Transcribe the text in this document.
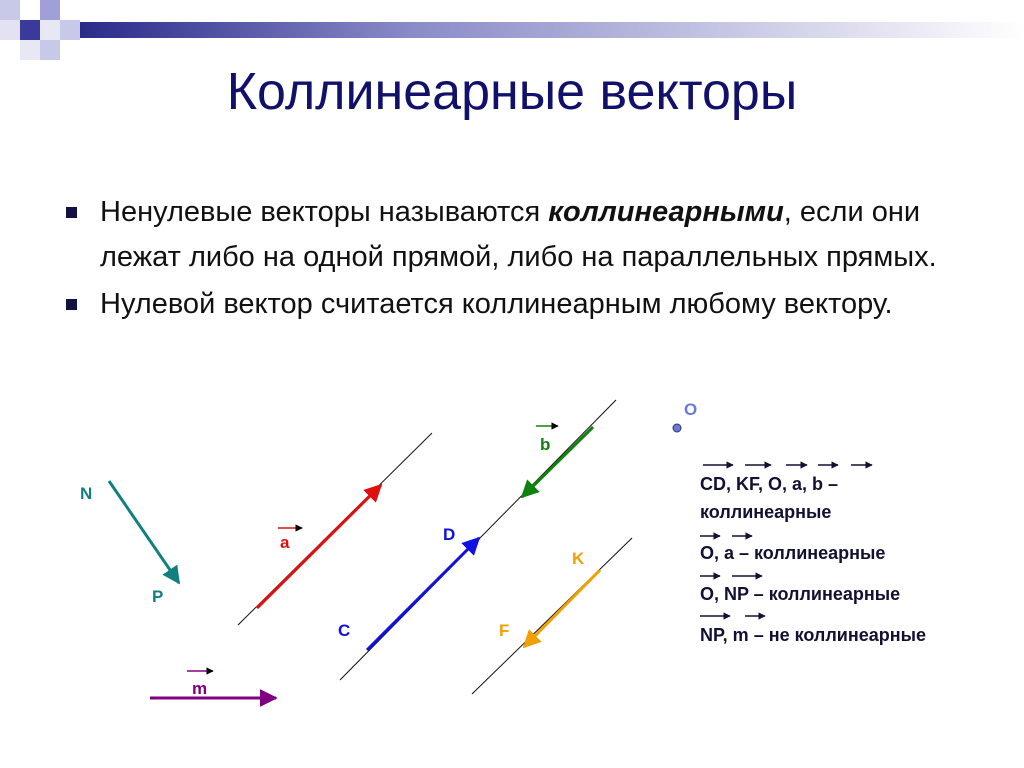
Коллинеарные векторы
Ненулевые векторы называются коллинеарными, если они лежат либо на одной прямой, либо на параллельных прямых.
Нулевой вектор считается коллинеарным любому вектору.
N
P
m
a
C
D
b
K
F
O
CD, KF, O, a, b –
коллинеарные
O, a – коллинеарные
O, NP – коллинеарные
NP, m – не коллинеарные
